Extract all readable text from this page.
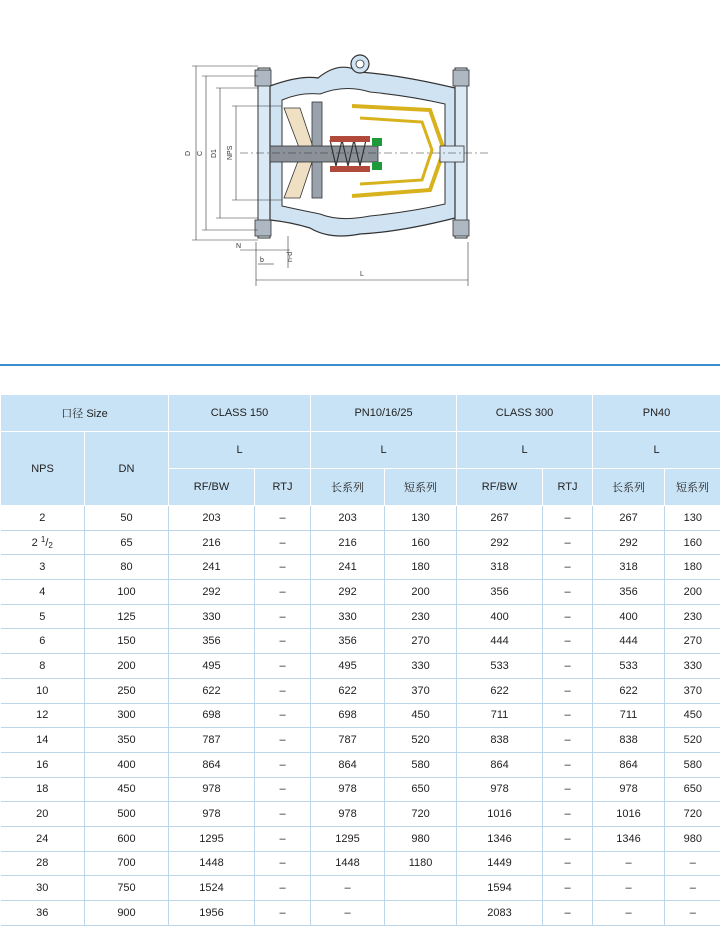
D C D1 NPS
N
b	n-d
L
口径 Size		CLASS 150		PN10/16/25		CLASS 300		PN40	
NPS	DN	L		L		L		L	
		RF/BW	RTJ	长系列	短系列	RF/BW	RTJ	长系列	短系列
2	50	203	–	203	130	267	–	267	130
2 $^1/_2$	65	216	–	216	160	292	–	292	160
3	80	241	–	241	180	318	–	318	180
4	100	292	–	292	200	356	–	356	200
5	125	330	–	330	230	400	–	400	230
6	150	356	–	356	270	444	–	444	270
8	200	495	–	495	330	533	–	533	330
10	250	622	–	622	370	622	–	622	370
12	300	698	–	698	450	711	–	711	450
14	350	787	–	787	520	838	–	838	520
16	400	864	–	864	580	864	–	864	580
18	450	978	–	978	650	978	–	978	650
20	500	978	–	978	720	1016	–	1016	720
24	600	1295	–	1295	980	1346	–	1346	980
28	700	1448	–	1448	1180	1449	–	–	–
30	750	1524	–	–		1594	–	–	–
36	900	1956	–	–		2083	–	–	–
